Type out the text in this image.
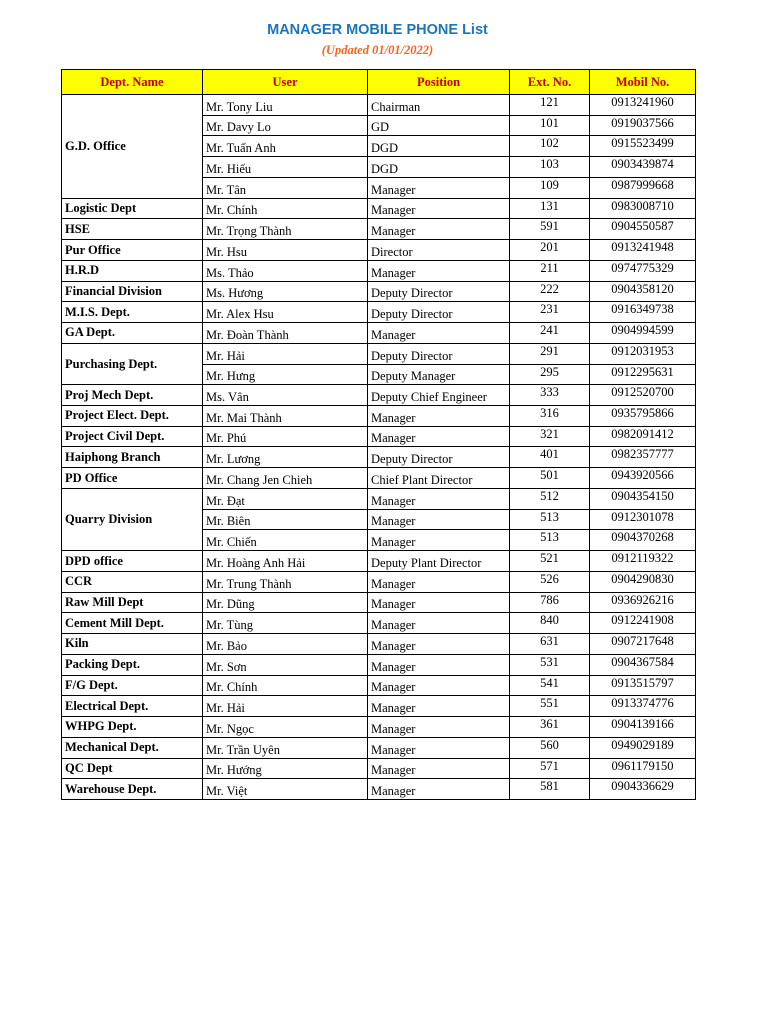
MANAGER MOBILE PHONE List
(Updated 01/01/2022)
Dept. Name	User	Position	Ext. No.	Mobil No.
G.D. Office	Mr. Tony Liu	Chairman	121	0913241960
	Mr. Davy Lo	GD	101	0919037566
	Mr. Tuấn Anh	DGD	102	0915523499
	Mr. Hiếu	DGD	103	0903439874
	Mr. Tân	Manager	109	0987999668
Logistic Dept	Mr. Chính	Manager	131	0983008710
HSE	Mr. Trọng Thành	Manager	591	0904550587
Pur Office	Mr. Hsu	Director	201	0913241948
H.R.D	Ms. Thảo	Manager	211	0974775329
Financial Division	Ms. Hương	Deputy Director	222	0904358120
M.I.S. Dept.	Mr. Alex Hsu	Deputy Director	231	0916349738
GA Dept.	Mr. Đoàn Thành	Manager	241	0904994599
Purchasing Dept.	Mr. Hải	Deputy Director	291	0912031953
	Mr. Hưng	Deputy Manager	295	0912295631
Proj Mech Dept.	Ms. Vân	Deputy Chief Engineer	333	0912520700
Project Elect. Dept.	Mr. Mai Thành	Manager	316	0935795866
Project Civil Dept.	Mr. Phú	Manager	321	0982091412
Haiphong Branch	Mr. Lương	Deputy Director	401	0982357777
PD Office	Mr. Chang Jen Chieh	Chief Plant Director	501	0943920566
Quarry Division	Mr. Đạt	Manager	512	0904354150
	Mr. Biên	Manager	513	0912301078
	Mr. Chiến	Manager	513	0904370268
DPD office	Mr. Hoàng Anh Hải	Deputy Plant Director	521	0912119322
CCR	Mr. Trung Thành	Manager	526	0904290830
Raw Mill Dept	Mr. Dũng	Manager	786	0936926216
Cement Mill Dept.	Mr. Tùng	Manager	840	0912241908
Kiln	Mr. Bảo	Manager	631	0907217648
Packing Dept.	Mr. Sơn	Manager	531	0904367584
F/G Dept.	Mr. Chính	Manager	541	0913515797
Electrical Dept.	Mr. Hải	Manager	551	0913374776
WHPG Dept.	Mr. Ngọc	Manager	361	0904139166
Mechanical Dept.	Mr. Trần Uyên	Manager	560	0949029189
QC Dept	Mr. Hướng	Manager	571	0961179150
Warehouse Dept.	Mr. Việt	Manager	581	0904336629
